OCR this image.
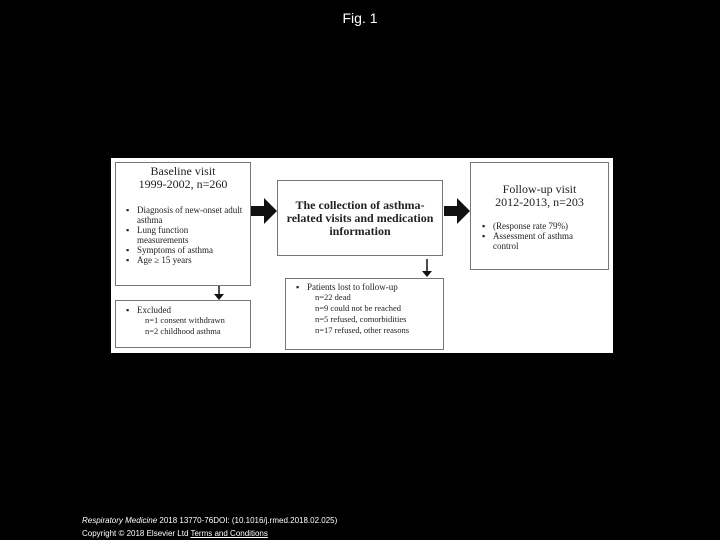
Fig. 1
Baseline visit
1999-2002, n=260
▪ Diagnosis of new-onset adult asthma
▪ Lung function measurements
▪ Symptoms of asthma
▪ Age ≥ 15 years
The collection of asthma-related visits and medication information
▪ Excluded
n=1 consent withdrawn
n=2 childhood asthma
▪ Patients lost to follow-up
n=22 dead
n=9 could not be reached
n=5 refused, comorbidities
n=17 refused, other reasons
Follow-up visit
2012-2013, n=203
▪ (Response rate 79%)
▪ Assessment of asthma control
Respiratory Medicine 2018 13770-76DOI: (10.1016/j.rmed.2018.02.025)
Copyright © 2018 Elsevier Ltd Terms and Conditions
